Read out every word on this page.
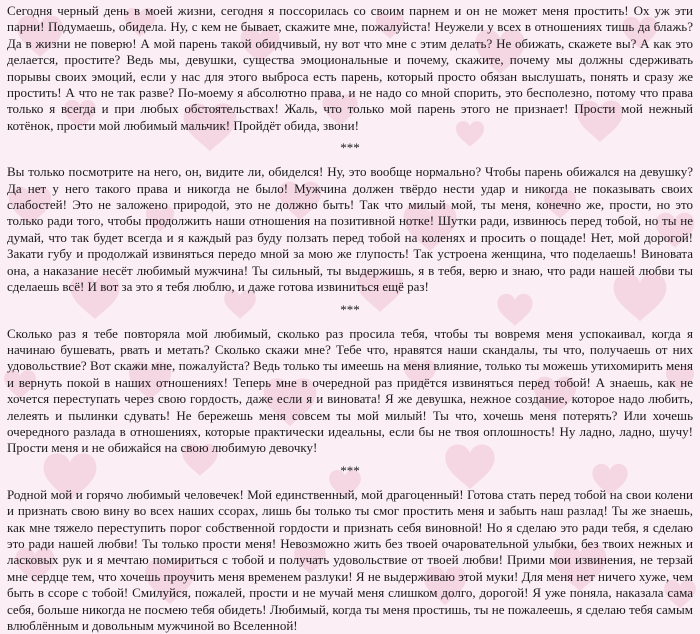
Сегодня черный день в моей жизни, сегодня я поссорилась со своим парнем и он не может меня простить! Ох уж эти парни! Подумаешь, обидела. Ну, с кем не бывает, скажите мне, пожалуйста! Неужели у всех в отношениях тишь да блажь? Да в жизни не поверю! А мой парень такой обидчивый, ну вот что мне с этим делать? Не обижать, скажете вы? А как это делается, простите? Ведь мы, девушки, существа эмоциональные и почему, скажите, почему мы должны сдерживать порывы своих эмоций, если у нас для этого выброса есть парень, который просто обязан выслушать, понять и сразу же простить! А что не так разве? По-моему я абсолютно права, и не надо со мной спорить, это бесполезно, потому что права только я всегда и при любых обстоятельствах! Жаль, что только мой парень этого не признает! Прости мой нежный котёнок, прости мой любимый мальчик! Пройдёт обида, звони!

***

Вы только посмотрите на него, он, видите ли, обиделся! Ну, это вообще нормально? Чтобы парень обижался на девушку? Да нет у него такого права и никогда не было! Мужчина должен твёрдо нести удар и никогда не показывать своих слабостей! Это не заложено природой, это не должно быть! Так что милый мой, ты меня, конечно же, прости, но это только ради того, чтобы продолжить наши отношения на позитивной нотке! Шутки ради, извинюсь перед тобой, но ты не думай, что так будет всегда и я каждый раз буду ползать перед тобой на коленях и просить о пощаде! Нет, мой дорогой! Закати губу и продолжай извиняться передо мной за мою же глупость! Так устроена женщина, что поделаешь! Виновата она, а наказание несёт любимый мужчина! Ты сильный, ты выдержишь, я в тебя, верю и знаю, что ради нашей любви ты сделаешь всё! И вот за это я тебя люблю, и даже готова извиниться ещё раз!

***

Сколько раз я тебе повторяла мой любимый, сколько раз просила тебя, чтобы ты вовремя меня успокаивал, когда я начинаю бушевать, рвать и метать? Сколько скажи мне? Тебе что, нравятся наши скандалы, ты что, получаешь от них удовольствие? Вот скажи мне, пожалуйста? Ведь только ты имеешь на меня влияние, только ты можешь утихомирить меня и вернуть покой в наших отношениях! Теперь мне в очередной раз придётся извиняться перед тобой! А знаешь, как не хочется переступать через свою гордость, даже если я и виновата! Я же девушка, нежное создание, которое надо любить, лелеять и пылинки сдувать! Не бережешь меня совсем ты мой милый! Ты что, хочешь меня потерять? Или хочешь очередного разлада в отношениях, которые практически идеальны, если бы не твоя оплошность! Ну ладно, ладно, шучу! Прости меня и не обижайся на свою любимую девочку!

***

Родной мой и горячо любимый человечек! Мой единственный, мой драгоценный! Готова стать перед тобой на свои колени и признать свою вину во всех наших ссорах, лишь бы только ты смог простить меня и забыть наш разлад! Ты же знаешь, как мне тяжело переступить порог собственной гордости и признать себя виновной! Но я сделаю это ради тебя, я сделаю это ради нашей любви! Ты только прости меня! Невозможно жить без твоей очаровательной улыбки, без твоих нежных и ласковых рук и я мечтаю помириться с тобой и получать удовольствие от твоей любви! Прими мои извинения, не терзай мне сердце тем, что хочешь проучить меня временем разлуки! Я не выдерживаю этой муки! Для меня нет ничего хуже, чем быть в ссоре с тобой! Смилуйся, пожалей, прости и не мучай меня слишком долго, дорогой! Я уже поняла, наказала сама себя, больше никогда не посмею тебя обидеть! Любимый, когда ты меня простишь, ты не пожалеешь, я сделаю тебя самым влюблённым и довольным мужчиной во Вселенной!
